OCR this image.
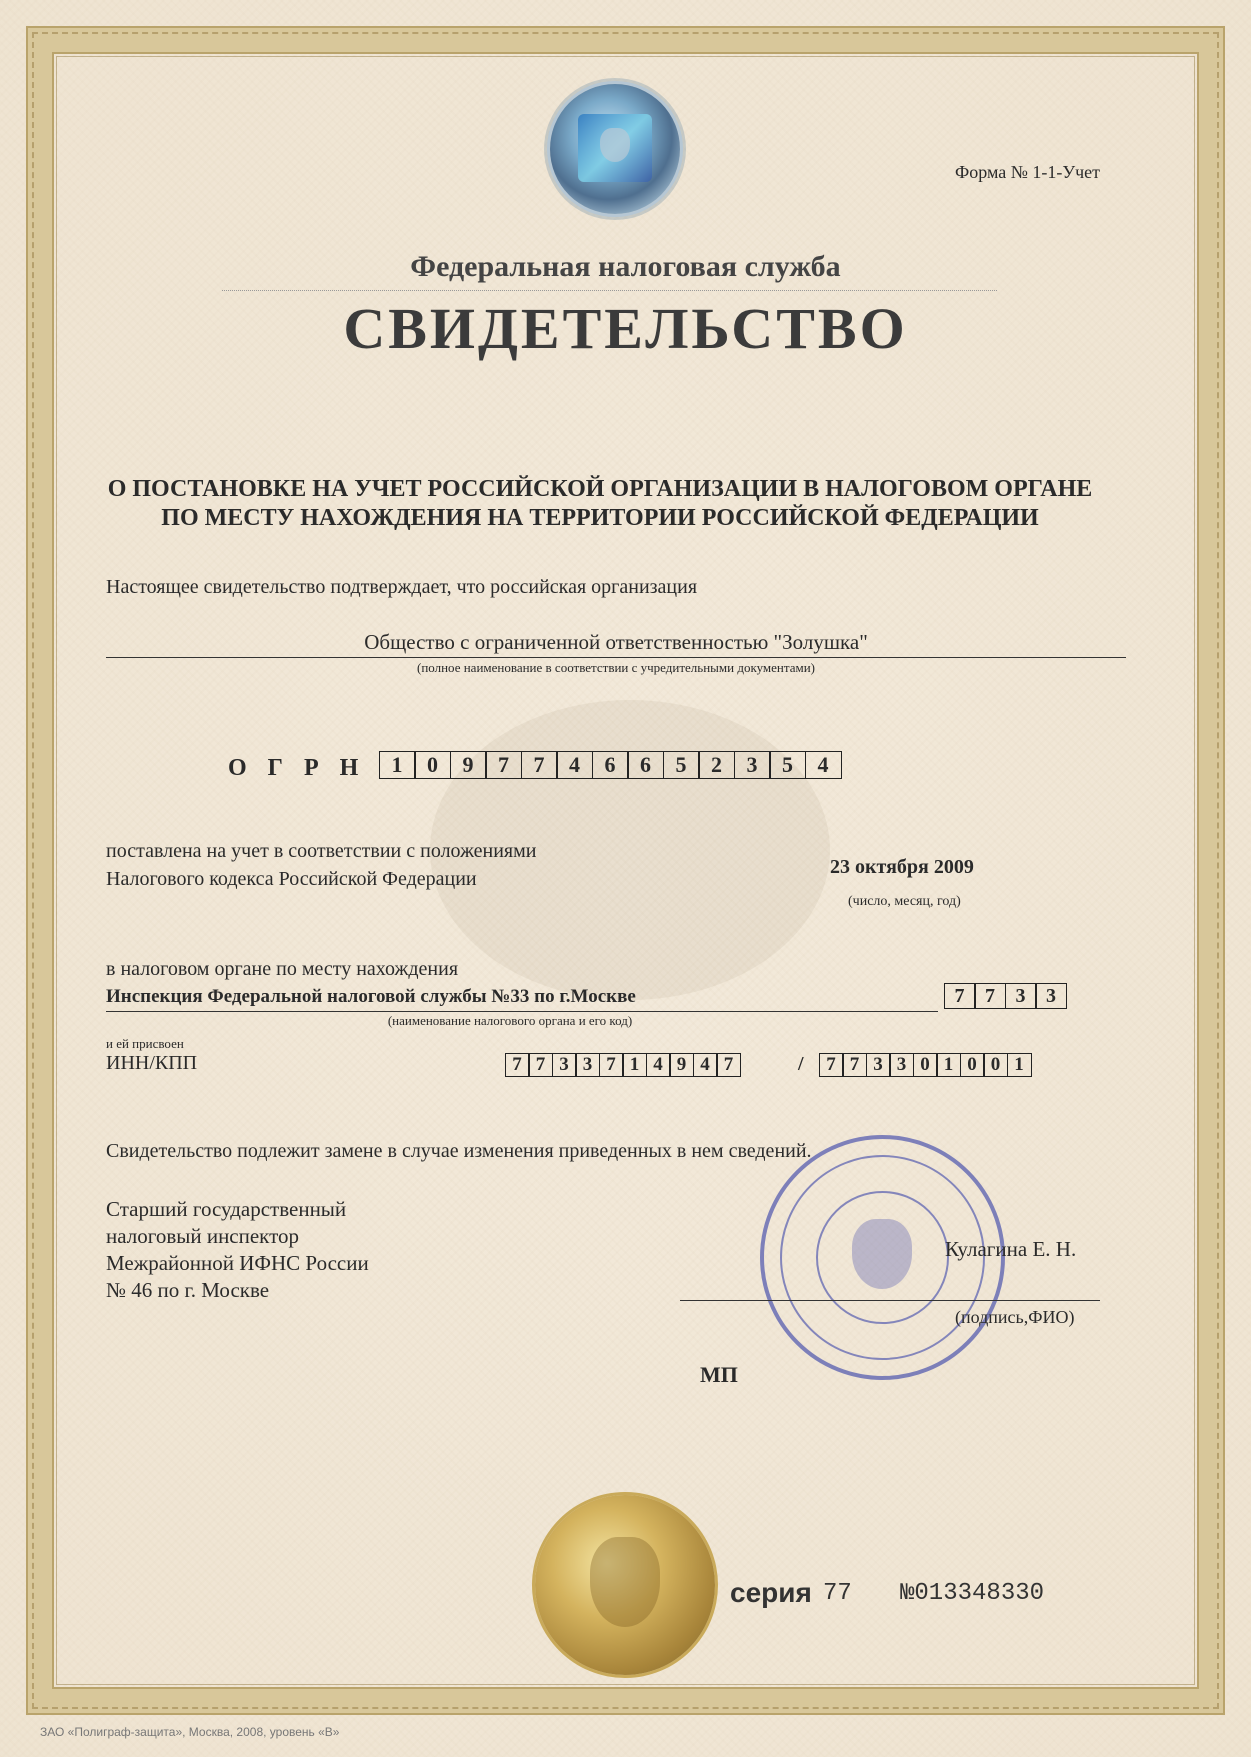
Форма № 1-1-Учет
Федеральная налоговая служба
СВИДЕТЕЛЬСТВО
О ПОСТАНОВКЕ НА УЧЕТ РОССИЙСКОЙ ОРГАНИЗАЦИИ В НАЛОГОВОМ ОРГАНЕ ПО МЕСТУ НАХОЖДЕНИЯ НА ТЕРРИТОРИИ РОССИЙСКОЙ ФЕДЕРАЦИИ
Настоящее свидетельство подтверждает, что российская организация
Общество с ограниченной ответственностью "Золушка"
(полное наименование в соответствии с учредительными документами)
ОГРН 1	0	9	7	7	4	6	6	5	2	3	5	4
поставлена на учет в соответствии с положениями
Налогового кодекса Российской Федерации
23 октября 2009
(число, месяц, год)
в налоговом органе по месту нахождения
Инспекция Федеральной налоговой службы №33 по г.Москве	7	7	3	3
(наименование налогового органа и его код)
и ей присвоен
ИНН/КПП	7 7 3 3 7 1 4 9 4 7	/	7 7 3 3 0 1 0 0 1
Свидетельство подлежит замене в случае изменения приведенных в нем сведений.
Старший государственный
налоговый инспектор
Межрайонной ИФНС России
№ 46 по г. Москве
Кулагина Е. Н.
(подпись,ФИО)
МП
серия 77 №013348330
ЗАО «Полиграф-защита», Москва, 2008, уровень «В»
